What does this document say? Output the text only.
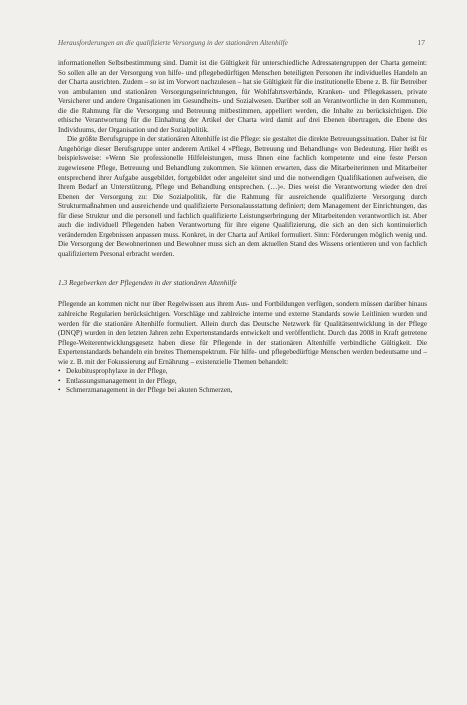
Herausforderungen an die qualifizierte Versorgung in der stationären Altenhilfe	17

informationellen Selbstbestimmung sind. Damit ist die Gültigkeit für unterschiedliche Adressatengruppen der Charta gemeint: So sollen alle an der Versorgung von hilfe- und pflegebedürftigen Menschen beteiligten Personen ihr individuelles Handeln an der Charta ausrichten. Zudem – so ist im Vorwort nachzulesen – hat sie Gültigkeit für die institutionelle Ebene z. B. für Betreiber von ambulanten und stationären Versorgungseinrichtungen, für Wohlfahrtsverbände, Kranken- und Pflegekassen, private Versicherer und andere Organisationen im Gesundheits- und Sozialwesen. Darüber soll an Verantwortliche in den Kommunen, die die Rahmung für die Versorgung und Betreuung mitbestimmen, appelliert werden, die Inhalte zu berücksichtigen. Die ethische Verantwortung für die Einhaltung der Artikel der Charta wird damit auf drei Ebenen übertragen, die Ebene des Individuums, der Organisation und der Sozialpolitik.

Die größte Berufsgruppe in der stationären Altenhilfe ist die Pflege: sie gestaltet die direkte Betreuungssituation. Daher ist für Angehörige dieser Berufsgruppe unter anderem Artikel 4 »Pflege, Betreuung und Behandlung« von Bedeutung. Hier heißt es beispielsweise: »Wenn Sie professionelle Hilfeleistungen, muss Ihnen eine fachlich kompetente und eine feste Person zugewiesene Pflege, Betreuung und Behandlung zukommen. Sie können erwarten, dass die Mitarbeiterinnen und Mitarbeiter entsprechend ihrer Aufgabe ausgebildet, fortgebildet oder angeleitet sind und die notwendigen Qualifikationen aufweisen, die Ihrem Bedarf an Unterstützung, Pflege und Behandlung entsprechen. (…)«. Dies weist die Verantwortung wieder den drei Ebenen der Versorgung zu: Die Sozialpolitik, für die Rahmung für ausreichende qualifizierte Versorgung durch Strukturmaßnahmen und ausreichende und qualifizierte Personalausstattung definiert; dem Management der Einrichtungen, das für diese Struktur und die personell und fachlich qualifizierte Leistungserbringung der Mitarbeitenden verantwortlich ist. Aber auch die individuell Pflegenden haben Verantwortung für ihre eigene Qualifizierung, die sich an den sich kontinuierlich verändernden Ergebnissen anpassen muss. Konkret, in der Charta auf Artikel formuliert. Sinn: Förderungen möglich wenig und. Die Versorgung der Bewohnerinnen und Bewohner muss sich an dem aktuellen Stand des Wissens orientieren und von fachlich qualifiziertem Personal erbracht werden.

1.3 Regelwerken der Pflegenden in der stationären Altenhilfe

Pflegende an kommen nicht nur über Regelwissen aus ihrem Aus- und Fortbildungen verfügen, sondern müssen darüber hinaus zahlreiche Regularien berücksichtigen. Vorschläge und zahlreiche interne und externe Standards sowie Leitlinien wurden und werden für die stationäre Altenhilfe formuliert. Allein durch das Deutsche Netzwerk für Qualitätsentwicklung in der Pflege (DNQP) wurden in den letzten Jahren zehn Expertenstandards entwickelt und veröffentlicht. Durch das 2008 in Kraft getretene Pflege-Weiterentwicklungsgesetz haben diese für Pflegende in der stationären Altenhilfe verbindliche Gültigkeit. Die Expertenstandards behandeln ein breites Themenspektrum. Für hilfe- und pflegebedürftige Menschen werden bedeutsame und – wie z. B. mit der Fokussierung auf Ernährung – existenzielle Themen behandelt:

• Dekubitusprophylaxe in der Pflege,
• Entlassungsmanagement in der Pflege,
• Schmerzmanagement in der Pflege bei akuten Schmerzen,
